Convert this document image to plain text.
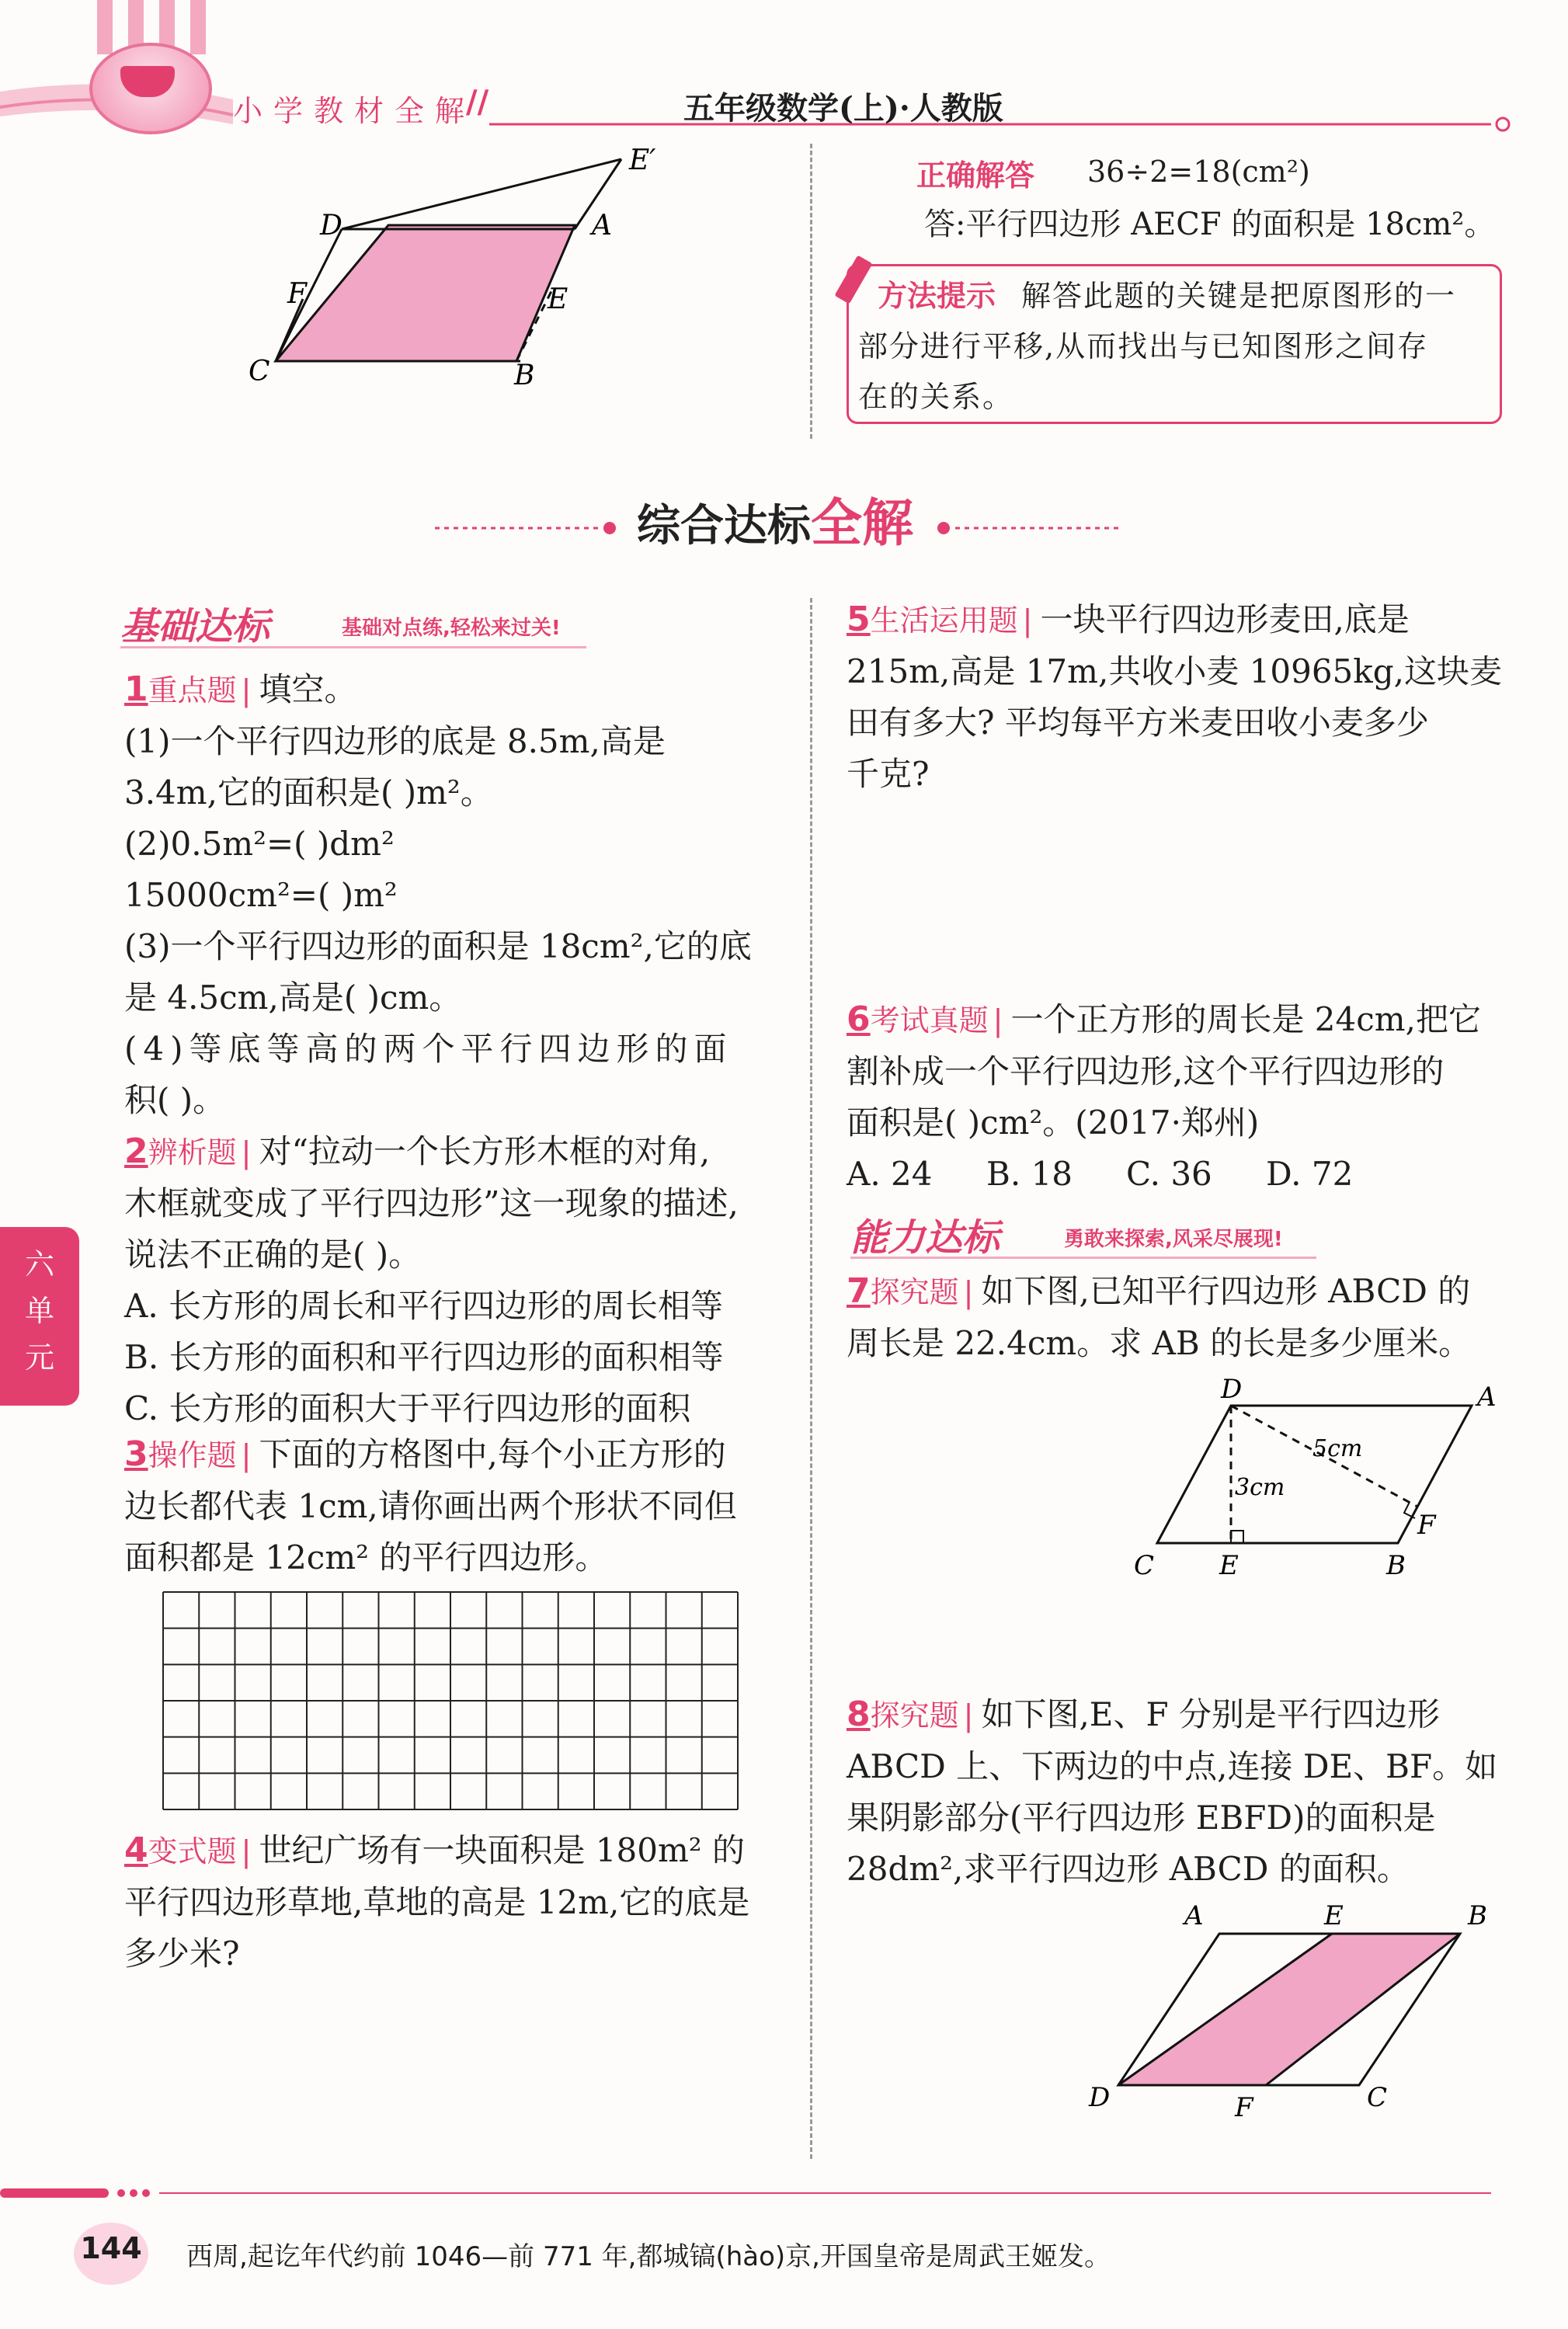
小学教材全解
//	五年级数学(上)·人教版
E′
D	A
F	E
C	B
正确解答 36÷2=18(cm²)
答:平行四边形 AECF 的面积是 18cm²。
方法提示 解答此题的关键是把原图形的一
部分进行平移,从而找出与已知图形之间存
在的关系。
综合达标全解
基础达标	基础对点练,轻松来过关!
1重点题 | 填空。
(1)一个平行四边形的底是 8.5m,高是
3.4m,它的面积是( )m²。
(2)0.5m²=( )dm²
15000cm²=( )m²
(3)一个平行四边形的面积是 18cm²,它的底
是 4.5cm,高是( )cm。
(4)等底等高的两个平行四边形的面
积( )。
2辨析题 | 对“拉动一个长方形木框的对角,
木框就变成了平行四边形”这一现象的描述,
说法不正确的是( )。
A. 长方形的周长和平行四边形的周长相等
B. 长方形的面积和平行四边形的面积相等
C. 长方形的面积大于平行四边形的面积
3操作题 | 下面的方格图中,每个小正方形的
边长都代表 1cm,请你画出两个形状不同但
面积都是 12cm² 的平行四边形。
4变式题 | 世纪广场有一块面积是 180m² 的
平行四边形草地,草地的高是 12m,它的底是
多少米?
六
单
元
5生活运用题 | 一块平行四边形麦田,底是
215m,高是 17m,共收小麦 10965kg,这块麦
田有多大? 平均每平方米麦田收小麦多少
千克?
6考试真题 | 一个正方形的周长是 24cm,把它
割补成一个平行四边形,这个平行四边形的
面积是( )cm²。(2017·郑州)
A. 24 B. 18 C. 36 D. 72
能力达标	勇敢来探索,风采尽展现!
7探究题 | 如下图,已知平行四边形 ABCD 的
周长是 22.4cm。求 AB 的长是多少厘米。
D	A
5cm
3cm
F
C E	B
8探究题 | 如下图,E、F 分别是平行四边形
ABCD 上、下两边的中点,连接 DE、BF。如
果阴影部分(平行四边形 EBFD)的面积是
28dm²,求平行四边形 ABCD 的面积。
A	E	B
D	F	C
144 西周,起讫年代约前 1046—前 771 年,都城镐(hào)京,开国皇帝是周武王姬发。
